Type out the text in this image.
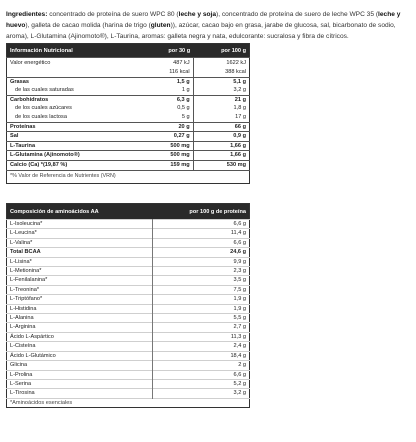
Ingredientes: concentrado de proteína de suero WPC 80 (leche y soja), concentrado de proteína de suero de leche WPC 35 (leche y huevo), galleta de cacao molida (harina de trigo (gluten)), azúcar, cacao bajo en grasa, jarabe de glucosa, sal, bicarbonato de sodio, aroma), L-Glutamina (Ajinomoto®), L-Taurina, aromas: galleta negra y nata, edulcorante: sucralosa y fibra de cítricos.

Información Nutricional	por 30 g	por 100 g
Valor energético	487 kJ	1622 kJ
	116 kcal	388 kcal
Grasas	1,5 g	5,1 g
de las cuales saturadas	1 g	3,2 g
Carbohidratos	6,3 g	21 g
de los cuales azúcares	0,5 g	1,8 g
de los cuales lactosa	5 g	17 g
Proteínas	20 g	66 g
Sal	0,27 g	0,9 g
L-Taurina	500 mg	1,66 g
L-Glutamina (Ajinomoto®)	500 mg	1,66 g
Calcio (Ca) *(19,87 %)	159 mg	530 mg
*% Valor de Referencia de Nutrientes (VRN)		
Composición de aminoácidos AA	por 100 g de proteína
L-Isoleucina*	6,6 g
L-Leucina*	11,4 g
L-Valina*	6,6 g
Total BCAA	24,6 g
L-Lisina*	9,9 g
L-Metionina*	2,3 g
L-Fenilalanina*	3,5 g
L-Treonina*	7,5 g
L-Triptófano*	1,9 g
L-Histidina	1,9 g
L-Alanina	5,5 g
L-Arginina	2,7 g
Ácido L-Aspártico	11,3 g
L-Cisteína	2,4 g
Ácido L-Glutámico	18,4 g
Glicina	2 g
L-Prolina	6,6 g
L-Serina	5,2 g
L-Tirosina	3,2 g
*Aminoácidos esenciales	
